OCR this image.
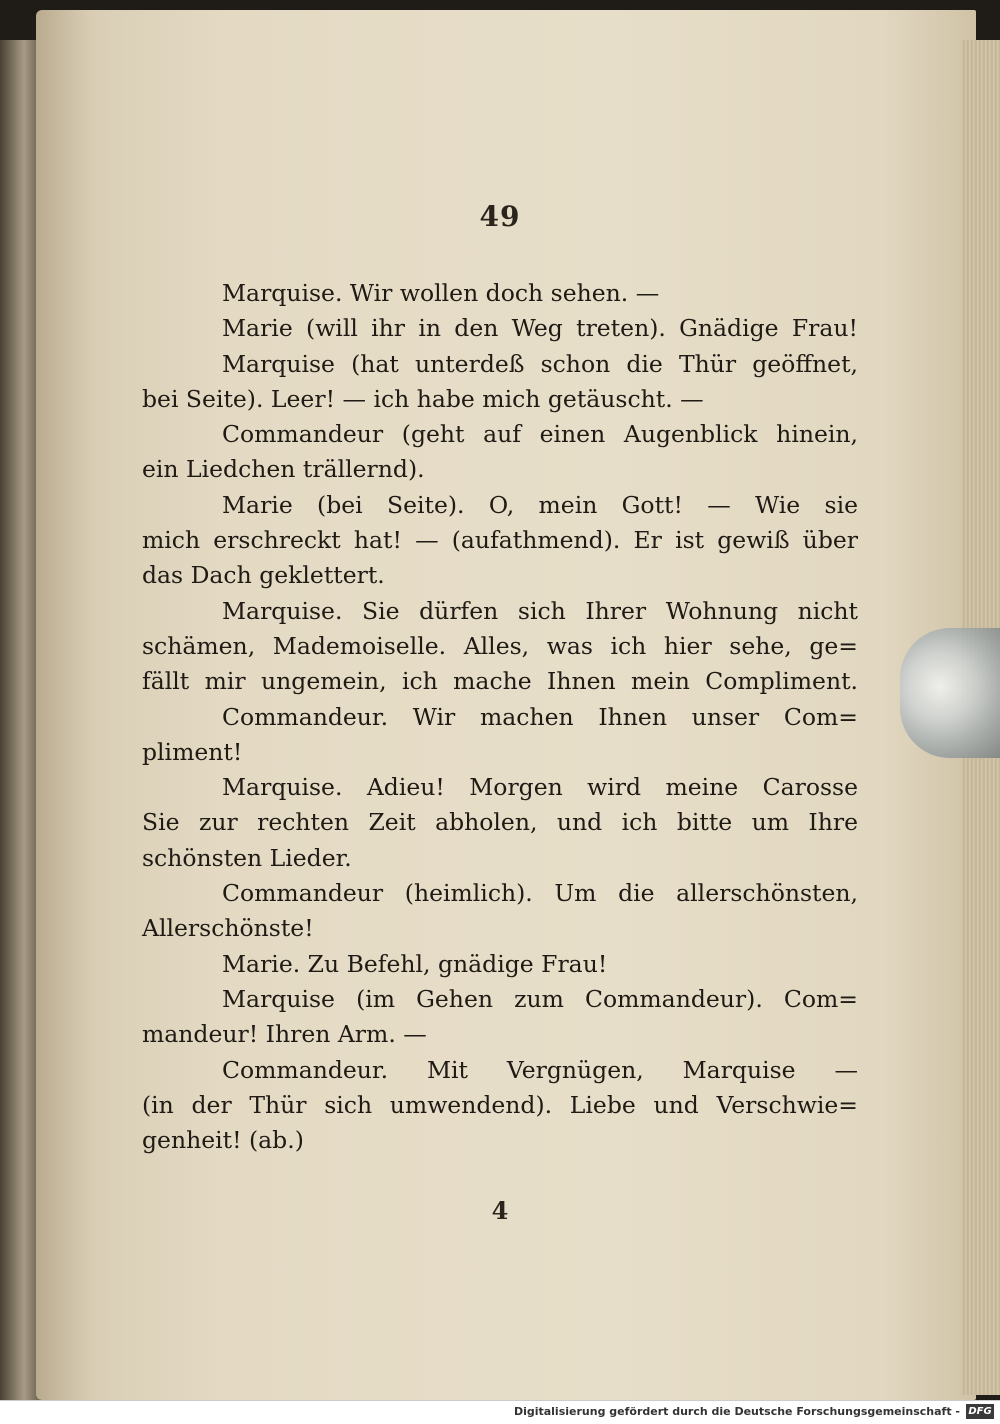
49
Marquise. Wir wollen doch sehen. —
Marie (will ihr in den Weg treten). Gnädige Frau!
Marquise (hat unterdeß schon die Thür geöffnet,
bei Seite). Leer! — ich habe mich getäuscht. —
Commandeur (geht auf einen Augenblick hinein,
ein Liedchen trällernd).
Marie (bei Seite). O, mein Gott! — Wie sie
mich erschreckt hat! — (aufathmend). Er ist gewiß über
das Dach geklettert.
Marquise. Sie dürfen sich Ihrer Wohnung nicht
schämen, Mademoiselle. Alles, was ich hier sehe, ge=
fällt mir ungemein, ich mache Ihnen mein Compliment.
Commandeur. Wir machen Ihnen unser Com=
pliment!
Marquise. Adieu! Morgen wird meine Carosse
Sie zur rechten Zeit abholen, und ich bitte um Ihre
schönsten Lieder.
Commandeur (heimlich). Um die allerschönsten,
Allerschönste!
Marie. Zu Befehl, gnädige Frau!
Marquise (im Gehen zum Commandeur). Com=
mandeur! Ihren Arm. —
Commandeur. Mit Vergnügen, Marquise —
(in der Thür sich umwendend). Liebe und Verschwie=
genheit! (ab.)
4
Digitalisierung gefördert durch die Deutsche Forschungsgemeinschaft - DFG
